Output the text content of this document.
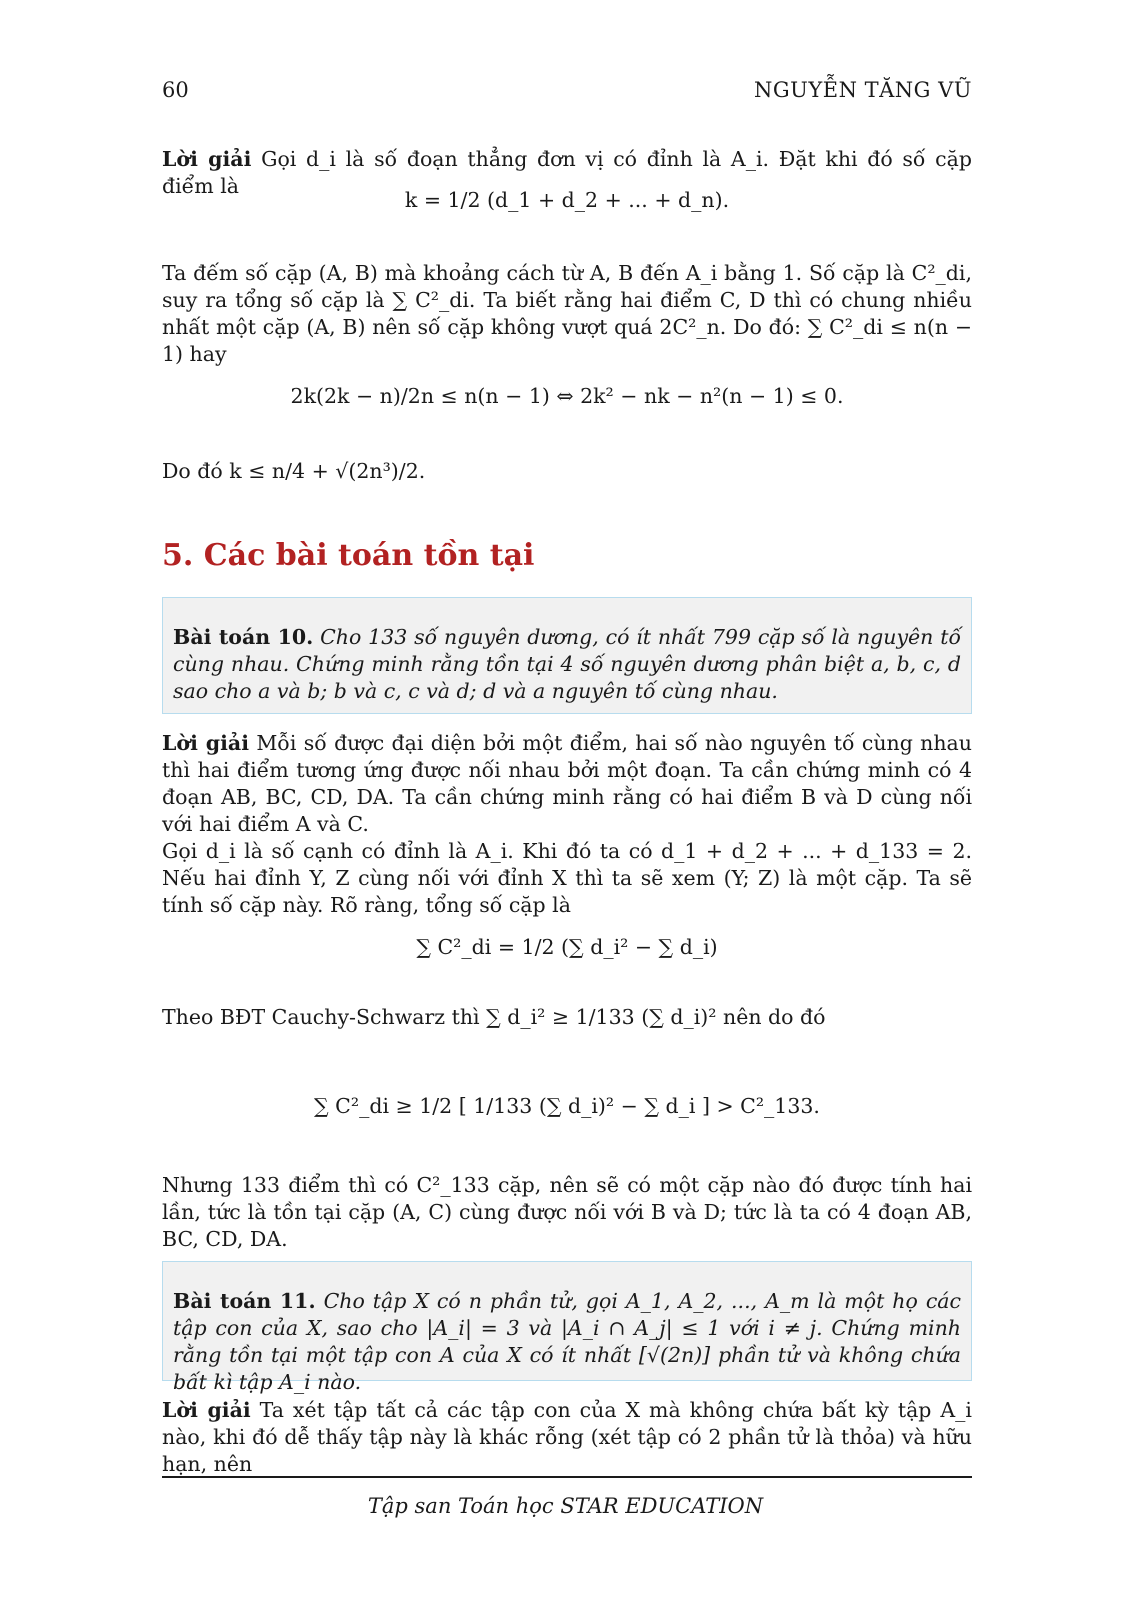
60	NGUYỄN TĂNG VŨ
Lời giải Gọi d_i là số đoạn thẳng đơn vị có đỉnh là A_i. Đặt khi đó số cặp điểm là
k = 1/2 (d_1 + d_2 + ... + d_n).
Ta đếm số cặp (A, B) mà khoảng cách từ A, B đến A_i bằng 1. Số cặp là C²_di, suy ra tổng số cặp là ∑ C²_di. Ta biết rằng hai điểm C, D thì có chung nhiều nhất một cặp (A, B) nên số cặp không vượt quá 2C²_n. Do đó: ∑ C²_di ≤ n(n − 1) hay
2k(2k − n)/2n ≤ n(n − 1) ⇔ 2k² − nk − n²(n − 1) ≤ 0.
Do đó k ≤ n/4 + √(2n³)/2.
5. Các bài toán tồn tại
Bài toán 10. Cho 133 số nguyên dương, có ít nhất 799 cặp số là nguyên tố cùng nhau. Chứng minh rằng tồn tại 4 số nguyên dương phân biệt a, b, c, d sao cho a và b; b và c, c và d; d và a nguyên tố cùng nhau.
Lời giải Mỗi số được đại diện bởi một điểm, hai số nào nguyên tố cùng nhau thì hai điểm tương ứng được nối nhau bởi một đoạn. Ta cần chứng minh có 4 đoạn AB, BC, CD, DA. Ta cần chứng minh rằng có hai điểm B và D cùng nối với hai điểm A và C.
Gọi d_i là số cạnh có đỉnh là A_i. Khi đó ta có d_1 + d_2 + ... + d_133 = 2. Nếu hai đỉnh Y, Z cùng nối với đỉnh X thì ta sẽ xem (Y; Z) là một cặp. Ta sẽ tính số cặp này. Rõ ràng, tổng số cặp là
∑ C²_di = 1/2 (∑ d_i² − ∑ d_i)
Theo BĐT Cauchy-Schwarz thì ∑ d_i² ≥ 1/133 (∑ d_i)² nên do đó
∑ C²_di ≥ 1/2 [ 1/133 (∑ d_i)² − ∑ d_i ] > C²_133.
Nhưng 133 điểm thì có C²_133 cặp, nên sẽ có một cặp nào đó được tính hai lần, tức là tồn tại cặp (A, C) cùng được nối với B và D; tức là ta có 4 đoạn AB, BC, CD, DA.
Bài toán 11. Cho tập X có n phần tử, gọi A_1, A_2, ..., A_m là một họ các tập con của X, sao cho |A_i| = 3 và |A_i ∩ A_j| ≤ 1 với i ≠ j. Chứng minh rằng tồn tại một tập con A của X có ít nhất [√(2n)] phần tử và không chứa bất kì tập A_i nào.
Lời giải Ta xét tập tất cả các tập con của X mà không chứa bất kỳ tập A_i nào, khi đó dễ thấy tập này là khác rỗng (xét tập có 2 phần tử là thỏa) và hữu hạn, nên
Tập san Toán học STAR EDUCATION
